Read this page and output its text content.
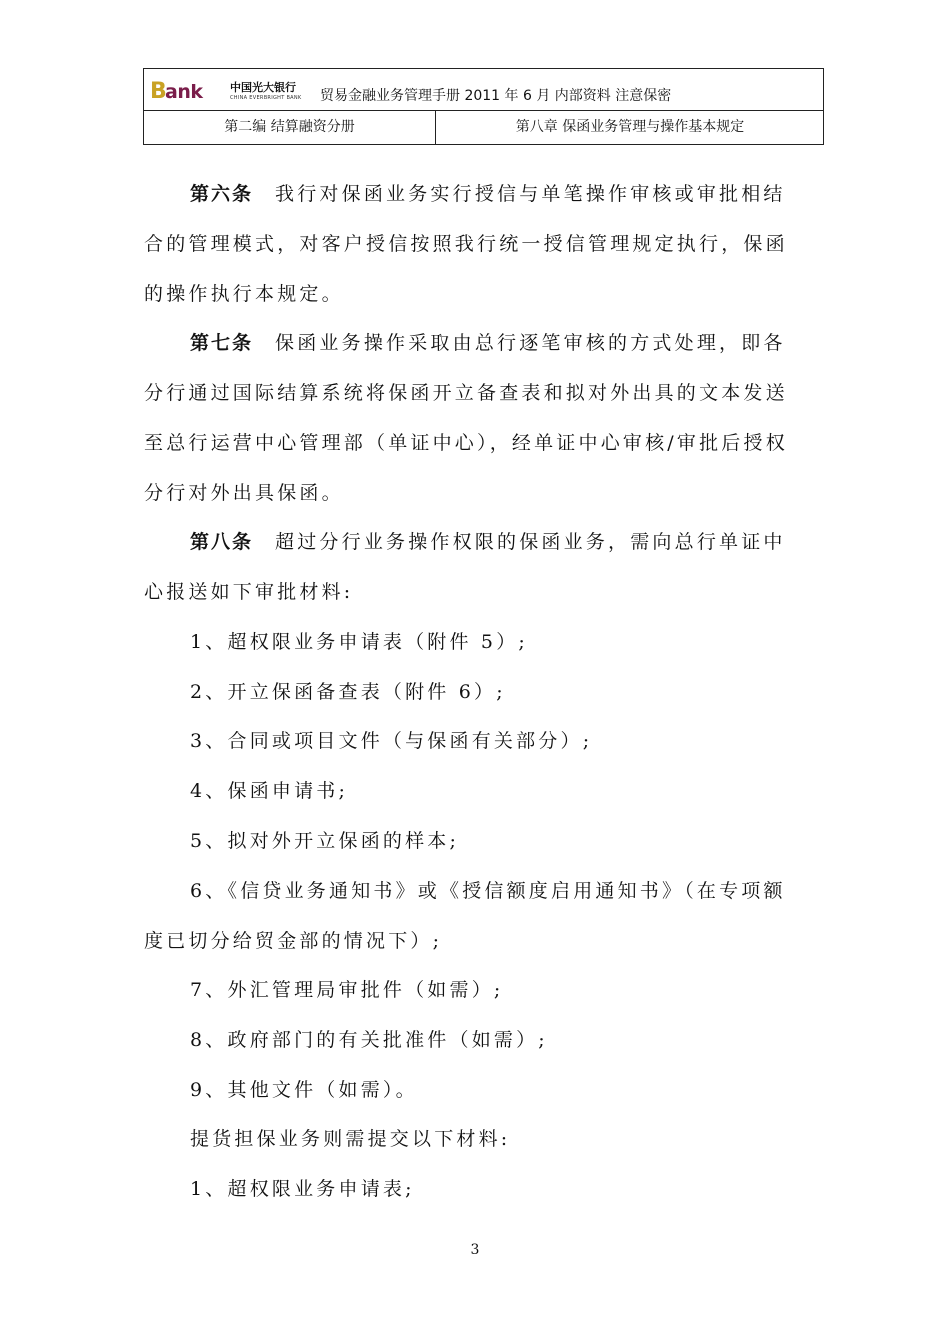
B
ank	中国光大银行
CHINA EVERBRIGHT BANK 贸易金融业务管理手册 2011 年 6 月 内部资料 注意保密
第二编 结算融资分册	第八章 保函业务管理与操作基本规定
第六条 我行对保函业务实行授信与单笔操作审核或审批相结
合的管理模式，对客户授信按照我行统一授信管理规定执行，保函
的操作执行本规定。
第七条 保函业务操作采取由总行逐笔审核的方式处理，即各
分行通过国际结算系统将保函开立备查表和拟对外出具的文本发送
至总行运营中心管理部（单证中心），经单证中心审核/审批后授权
分行对外出具保函。
第八条 超过分行业务操作权限的保函业务，需向总行单证中
心报送如下审批材料:
1、超权限业务申请表（附件 5）;
2、开立保函备查表（附件 6）;
3、合同或项目文件（与保函有关部分）;
4、保函申请书;
5、拟对外开立保函的样本;
6、《信贷业务通知书》或《授信额度启用通知书》（在专项额
度已切分给贸金部的情况下）;
7、外汇管理局审批件（如需）;
8、政府部门的有关批准件（如需）;
9、其他文件（如需）。
提货担保业务则需提交以下材料:
1、超权限业务申请表;
3
